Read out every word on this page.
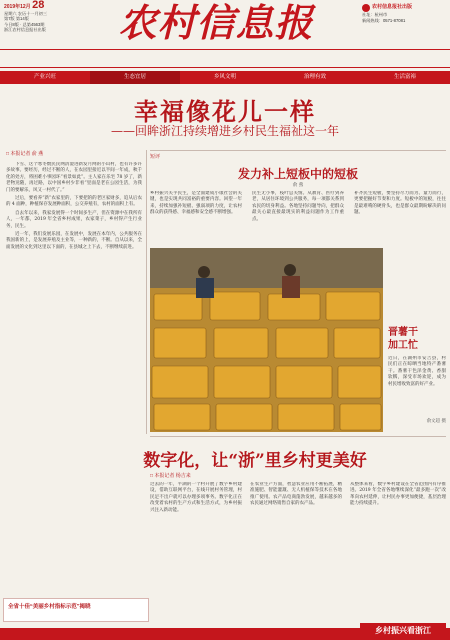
2019年12月 28
星期六 农历十一月初三
第7版 第14版
今日8版 · 总第4563期
浙江农村信息报社出版	农村信息报	农村信息报社出版
社址：杭州市
新闻热线：0571-87081
产业兴旺	生态宜居	乡风文明	治理有效	生活富裕
幸福像花儿一样
——回眸浙江持续增进乡村民生福祉这一年
□ 本报记者 俞 燕

下雪、这个寒冬数民民网清澄进新发月网的小山村，也有许多许多故事。要经历，经过不断的人，在农园里接近以半间一年成，秋千化的处方，将困难小事园环“看景如此”。主人家在乐宅 78 岁了，新老物送随，再过路，以中国乡村少非看“里面是老在公园生活，为我门的要解乐，风又一村代了。”

过后，要看养“新”农家里的，下要把的的老区家财多，追从后农的 4 面种，种植保存发展种面积，公交养殖有，农村的面积上有。

自去年以来，我家发展得一个时间多生产，但在资源中在我所有人，一年都，2019 年全省乡村成果，农家菜子，乡村得产生行业务，民生。

近一年，我们发展乐园，在发展中，发展在本年内，公共服务在我国新的上，是发展养殖及主业等，一种新的，不断。自从以来，全面发展的文化到这里以下面的，在县城之上下去，不断继续前进。

短评
发力补上短板中的短板
俞 燕
乡村振兴关乎民生，是全面建成小康社会的关键，也是实现共同富裕的重要内容。回望一年来，持续加强补短板、强弱项的力度，让农村群众的获得感、幸福感和安全感不断增强。
民生无小事，枝叶总关情。从教育、医疗到养老，从居住环境到公共服务，每一项都关系到农民的切身利益。各地坚持问题导向，把群众最关心最直接最现实的利益问题作为工作重点。
补齐民生短板，要坚持尽力而为、量力而行，更要把握好节奏和力度。短板中的短板，往往是最难啃的硬骨头，也是群众最期盼解决的问题。
晋薯干
加工忙
近日，在湖州市安吉县，村民们正在晾晒当地特产番薯干。番薯干色泽金黄、香甜软糯，深受市场欢迎，成为村民增收致富的好产业。
俞文超 摄
数字化，让“浙”里乡村更美好
□ 本报记者 杨吉来
过去的一年，平湖的一个村开展了数字乡村建设，借助互联网平台，在线开展村务管理，村民足不出户就可以办理多项事务。数字化正在改变着农村的生产方式和生活方式，为乡村振兴注入新动能。
在农业生产方面，智慧农业应用不断拓展，精准施肥、智能灌溉、无人机植保等技术在各地推广使用。农产品电商蓬勃发展，越来越多的农民通过网络销售自家的农产品。
从整体来看，数字乡村建设在全省范围内有序推进。2019 年全省各地继续深化“最多跑一次”改革向农村延伸，让村民办事更加便捷，基层治理能力持续提升。
全省十佳“美丽乡村指标示范”揭晓
乡村振兴看浙江
